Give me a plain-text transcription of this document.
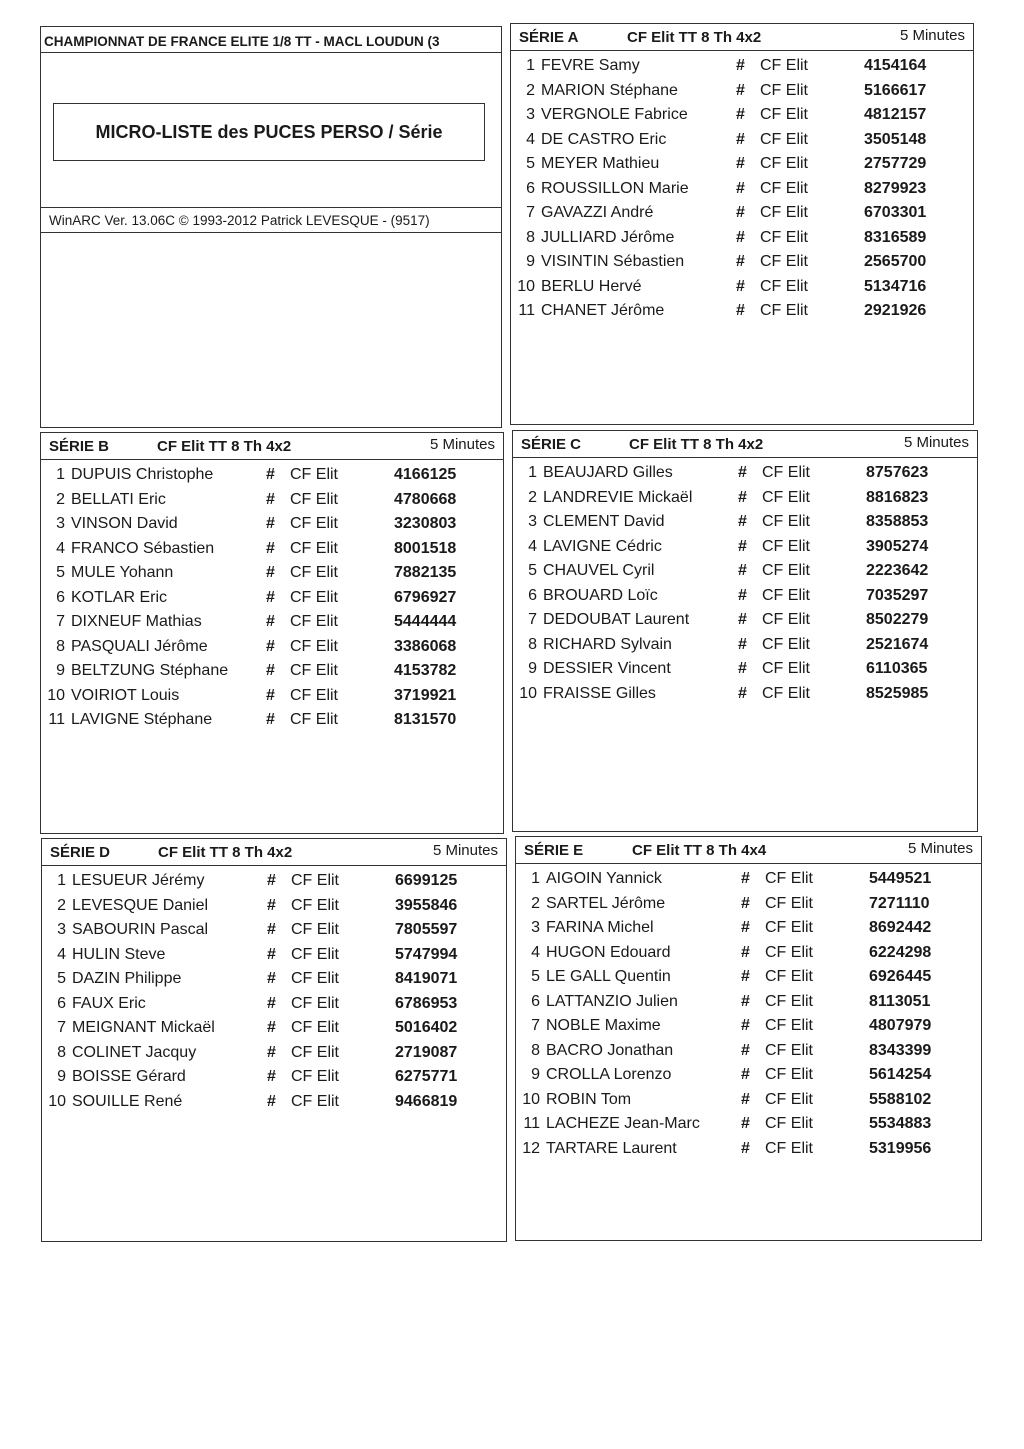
CHAMPIONNAT DE FRANCE ELITE 1/8 TT - MACL LOUDUN (3
MICRO-LISTE des PUCES PERSO / Série
WinARC Ver. 13.06C © 1993-2012 Patrick LEVESQUE - (9517)
SÉRIE A	CF Elit TT 8 Th 4x2	5 Minutes
1 FEVRE Samy	# CF Elit	4154164
2 MARION Stéphane	# CF Elit	5166617
3 VERGNOLE Fabrice	# CF Elit	4812157
4 DE CASTRO Eric	# CF Elit	3505148
5 MEYER Mathieu	# CF Elit	2757729
6 ROUSSILLON Marie	# CF Elit	8279923
7 GAVAZZI André	# CF Elit	6703301
8 JULLIARD Jérôme	# CF Elit	8316589
9 VISINTIN Sébastien	# CF Elit	2565700
10 BERLU Hervé	# CF Elit	5134716
11 CHANET Jérôme	# CF Elit	2921926
SÉRIE B	CF Elit TT 8 Th 4x2	5 Minutes
1 DUPUIS Christophe	# CF Elit	4166125
2 BELLATI Eric	# CF Elit	4780668
3 VINSON David	# CF Elit	3230803
4 FRANCO Sébastien	# CF Elit	8001518
5 MULE Yohann	# CF Elit	7882135
6 KOTLAR Eric	# CF Elit	6796927
7 DIXNEUF Mathias	# CF Elit	5444444
8 PASQUALI Jérôme	# CF Elit	3386068
9 BELTZUNG Stéphane # CF Elit	4153782
10 VOIRIOT Louis	# CF Elit	3719921
11 LAVIGNE Stéphane	# CF Elit	8131570
SÉRIE C	CF Elit TT 8 Th 4x2	5 Minutes
1 BEAUJARD Gilles	# CF Elit	8757623
2 LANDREVIE Mickaël	# CF Elit	8816823
3 CLEMENT David	# CF Elit	8358853
4 LAVIGNE Cédric	# CF Elit	3905274
5 CHAUVEL Cyril	# CF Elit	2223642
6 BROUARD Loïc	# CF Elit	7035297
7 DEDOUBAT Laurent	# CF Elit	8502279
8 RICHARD Sylvain	# CF Elit	2521674
9 DESSIER Vincent	# CF Elit	6110365
10 FRAISSE Gilles	# CF Elit	8525985
SÉRIE D	CF Elit TT 8 Th 4x2	5 Minutes
1 LESUEUR Jérémy	# CF Elit	6699125
2 LEVESQUE Daniel	# CF Elit	3955846
3 SABOURIN Pascal	# CF Elit	7805597
4 HULIN Steve	# CF Elit	5747994
5 DAZIN Philippe	# CF Elit	8419071
6 FAUX Eric	# CF Elit	6786953
7 MEIGNANT Mickaël	# CF Elit	5016402
8 COLINET Jacquy	# CF Elit	2719087
9 BOISSE Gérard	# CF Elit	6275771
10 SOUILLE René	# CF Elit	9466819
SÉRIE E	CF Elit TT 8 Th 4x4	5 Minutes
1 AIGOIN Yannick	# CF Elit	5449521
2 SARTEL Jérôme	# CF Elit	7271110
3 FARINA Michel	# CF Elit	8692442
4 HUGON Edouard	# CF Elit	6224298
5 LE GALL Quentin	# CF Elit	6926445
6 LATTANZIO Julien	# CF Elit	8113051
7 NOBLE Maxime	# CF Elit	4807979
8 BACRO Jonathan	# CF Elit	8343399
9 CROLLA Lorenzo	# CF Elit	5614254
10 ROBIN Tom	# CF Elit	5588102
11 LACHEZE Jean-Marc	# CF Elit	5534883
12 TARTARE Laurent	# CF Elit	5319956
